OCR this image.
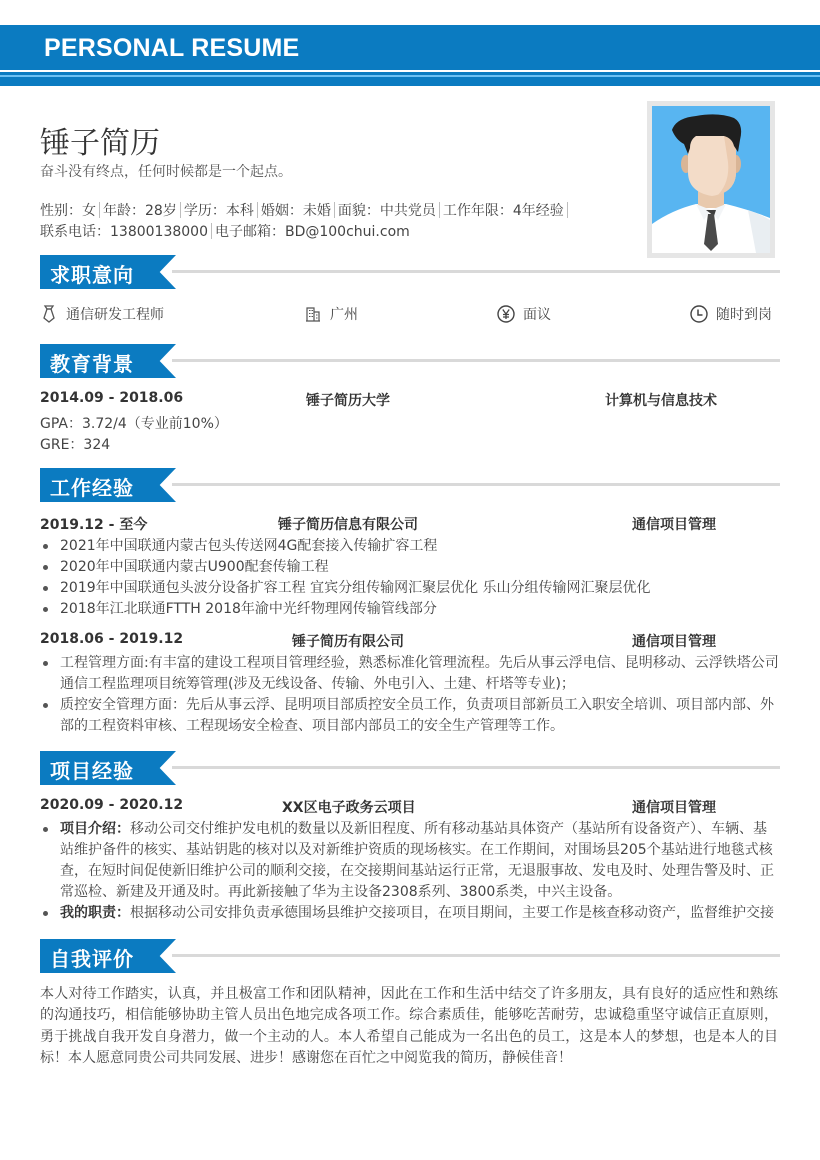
PERSONAL RESUME
锤子简历
奋斗没有终点，任何时候都是一个起点。
性别：女 年龄：28岁 学历：本科 婚姻：未婚 面貌：中共党员 工作年限：4年经验
联系电话：13800138000 电子邮箱：BD@100chui.com
求职意向
通信研发工程师	广州	面议	随时到岗
教育背景
2014.09 - 2018.06	锤子简历大学	计算机与信息技术
GPA：3.72/4（专业前10%）
GRE：324
工作经验
2019.12 - 至今	锤子简历信息有限公司	通信项目管理
2021年中国联通内蒙古包头传送网4G配套接入传输扩容工程
2020年中国联通内蒙古U900配套传输工程
2019年中国联通包头波分设备扩容工程 宜宾分组传输网汇聚层优化 乐山分组传输网汇聚层优化
2018年江北联通FTTH 2018年渝中光纤物理网传输管线部分
2018.06 - 2019.12	锤子简历有限公司	通信项目管理
工程管理方面:有丰富的建设工程项目管理经验，熟悉标准化管理流程。先后从事云浮电信、昆明移动、云浮铁塔公司通信工程监理项目统筹管理(涉及无线设备、传输、外电引入、土建、杆塔等专业)；
质控安全管理方面：先后从事云浮、昆明项目部质控安全员工作，负责项目部新员工入职安全培训、项目部内部、外部的工程资料审核、工程现场安全检查、项目部内部员工的安全生产管理等工作。
项目经验
2020.09 - 2020.12	XX区电子政务云项目	通信项目管理
项目介绍：移动公司交付维护发电机的数量以及新旧程度、所有移动基站具体资产（基站所有设备资产）、车辆、基站维护备件的核实、基站钥匙的核对以及对新维护资质的现场核实。在工作期间，对围场县205个基站进行地毯式核查，在短时间促使新旧维护公司的顺利交接，在交接期间基站运行正常，无退服事故、发电及时、处理告警及时、正常巡检、新建及开通及时。再此新接触了华为主设备2308系列、3800系类，中兴主设备。
我的职责：根据移动公司安排负责承德围场县维护交接项目，在项目期间，主要工作是核查移动资产，监督维护交接
自我评价
本人对待工作踏实，认真，并且极富工作和团队精神，因此在工作和生活中结交了许多朋友，具有良好的适应性和熟练的沟通技巧，相信能够协助主管人员出色地完成各项工作。综合素质佳，能够吃苦耐劳，忠诚稳重坚守诚信正直原则，勇于挑战自我开发自身潜力，做一个主动的人。本人希望自己能成为一名出色的员工，这是本人的梦想，也是本人的目标！本人愿意同贵公司共同发展、进步！感谢您在百忙之中阅览我的简历，静候佳音！
